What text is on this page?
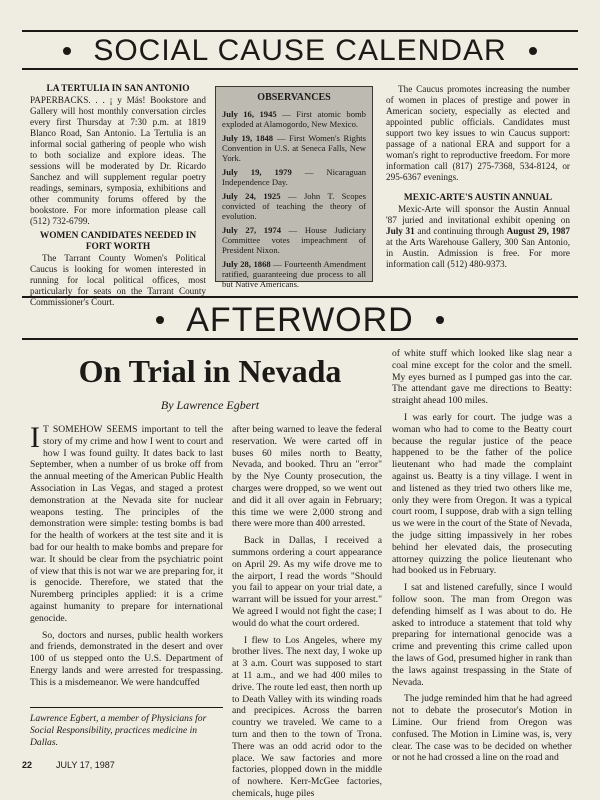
SOCIAL CAUSE CALENDAR

LA TERTULIA IN SAN ANTONIO

PAPERBACKS. . . ¡ y Más! Bookstore and Gallery will host monthly conversation circles every first Thursday at 7:30 p.m. at 1819 Blanco Road, San Antonio. La Tertulia is an informal social gathering of people who wish to both socialize and explore ideas. The sessions will be moderated by Dr. Ricardo Sanchez and will supplement regular poetry readings, seminars, symposia, exhibitions and other community forums offered by the bookstore. For more information please call (512) 732-6799.

WOMEN CANDIDATES NEEDED IN FORT WORTH

The Tarrant County Women's Political Caucus is looking for women interested in running for local political offices, most particularly for seats on the Tarrant County Commissioner's Court.

OBSERVANCES
July 16, 1945 — First atomic bomb exploded at Alamogordo, New Mexico.
July 19, 1848 — First Women's Rights Convention in U.S. at Seneca Falls, New York.
July 19, 1979 — Nicaraguan Independence Day.
July 24, 1925 — John T. Scopes convicted of teaching the theory of evolution.
July 27, 1974 — House Judiciary Committee votes impeachment of President Nixon.
July 28, 1868 — Fourteenth Amendment ratified, guaranteeing due process to all but Native Americans.

The Caucus promotes increasing the number of women in places of prestige and power in American society, especially as elected and appointed public officials. Candidates must support two key issues to win Caucus support: passage of a national ERA and support for a woman's right to reproductive freedom. For more information call (817) 275-7368, 534-8124, or 295-6367 evenings.

MEXIC-ARTE'S AUSTIN ANNUAL

Mexic-Arte will sponsor the Austin Annual '87 juried and invitational exhibit opening on July 31 and continuing through August 29, 1987 at the Arts Warehouse Gallery, 300 San Antonio, in Austin. Admission is free. For more information call (512) 480-9373.

AFTERWORD
On Trial in Nevada
By Lawrence Egbert

I T SOMEHOW SEEMS important to tell the story of my crime and how I went to court and how I was found guilty. It dates back to last September, when a number of us broke off from the annual meeting of the American Public Health Association in Las Vegas, and staged a protest demonstration at the Nevada site for nuclear weapons testing. The principles of the demonstration were simple: testing bombs is bad for the health of workers at the test site and it is bad for our health to make bombs and prepare for war. It should be clear from the psychiatric point of view that this is not war we are preparing for, it is genocide. Therefore, we stated that the Nuremberg principles applied: it is a crime against humanity to prepare for international genocide.

So, doctors and nurses, public health workers and friends, demonstrated in the desert and over 100 of us stepped onto the U.S. Department of Energy lands and were arrested for trespassing. This is a misdemeanor. We were handcuffed

Lawrence Egbert, a member of Physicians for Social Responsibility, practices medicine in Dallas.

after being warned to leave the federal reservation. We were carted off in buses 60 miles north to Beatty, Nevada, and booked. Thru an "error" by the Nye County prosecution, the charges were dropped, so we went out and did it all over again in February; this time we were 2,000 strong and there were more than 400 arrested.

Back in Dallas, I received a summons ordering a court appearance on April 29. As my wife drove me to the airport, I read the words "Should you fail to appear on your trial date, a warrant will be issued for your arrest." We agreed I would not fight the case; I would do what the court ordered.

I flew to Los Angeles, where my brother lives. The next day, I woke up at 3 a.m. Court was supposed to start at 11 a.m., and we had 400 miles to drive. The route led east, then north up to Death Valley with its winding roads and precipices. Across the barren country we traveled. We came to a turn and then to the town of Trona. There was an odd acrid odor to the place. We saw factories and more factories, plopped down in the middle of nowhere. Kerr-McGee factories, chemicals, huge piles

of white stuff which looked like slag near a coal mine except for the color and the smell. My eyes burned as I pumped gas into the car. The attendant gave me directions to Beatty: straight ahead 100 miles.

I was early for court. The judge was a woman who had to come to the Beatty court because the regular justice of the peace happened to be the father of the police lieutenant who had made the complaint against us. Beatty is a tiny village. I went in and listened as they tried two others like me, only they were from Oregon. It was a typical court room, I suppose, drab with a sign telling us we were in the court of the State of Nevada, the judge sitting impassively in her robes behind her elevated dais, the prosecuting attorney quizzing the police lieutenant who had booked us in February.

I sat and listened carefully, since I would follow soon. The man from Oregon was defending himself as I was about to do. He asked to introduce a statement that told why preparing for international genocide was a crime and preventing this crime called upon the laws of God, presumed higher in rank than the laws against trespassing in the State of Nevada.

The judge reminded him that he had agreed not to debate the prosecutor's Motion in Limine. Our friend from Oregon was confused. The Motion in Limine was, is, very clear. The case was to be decided on whether or not he had crossed a line on the road and

22	JULY 17, 1987
